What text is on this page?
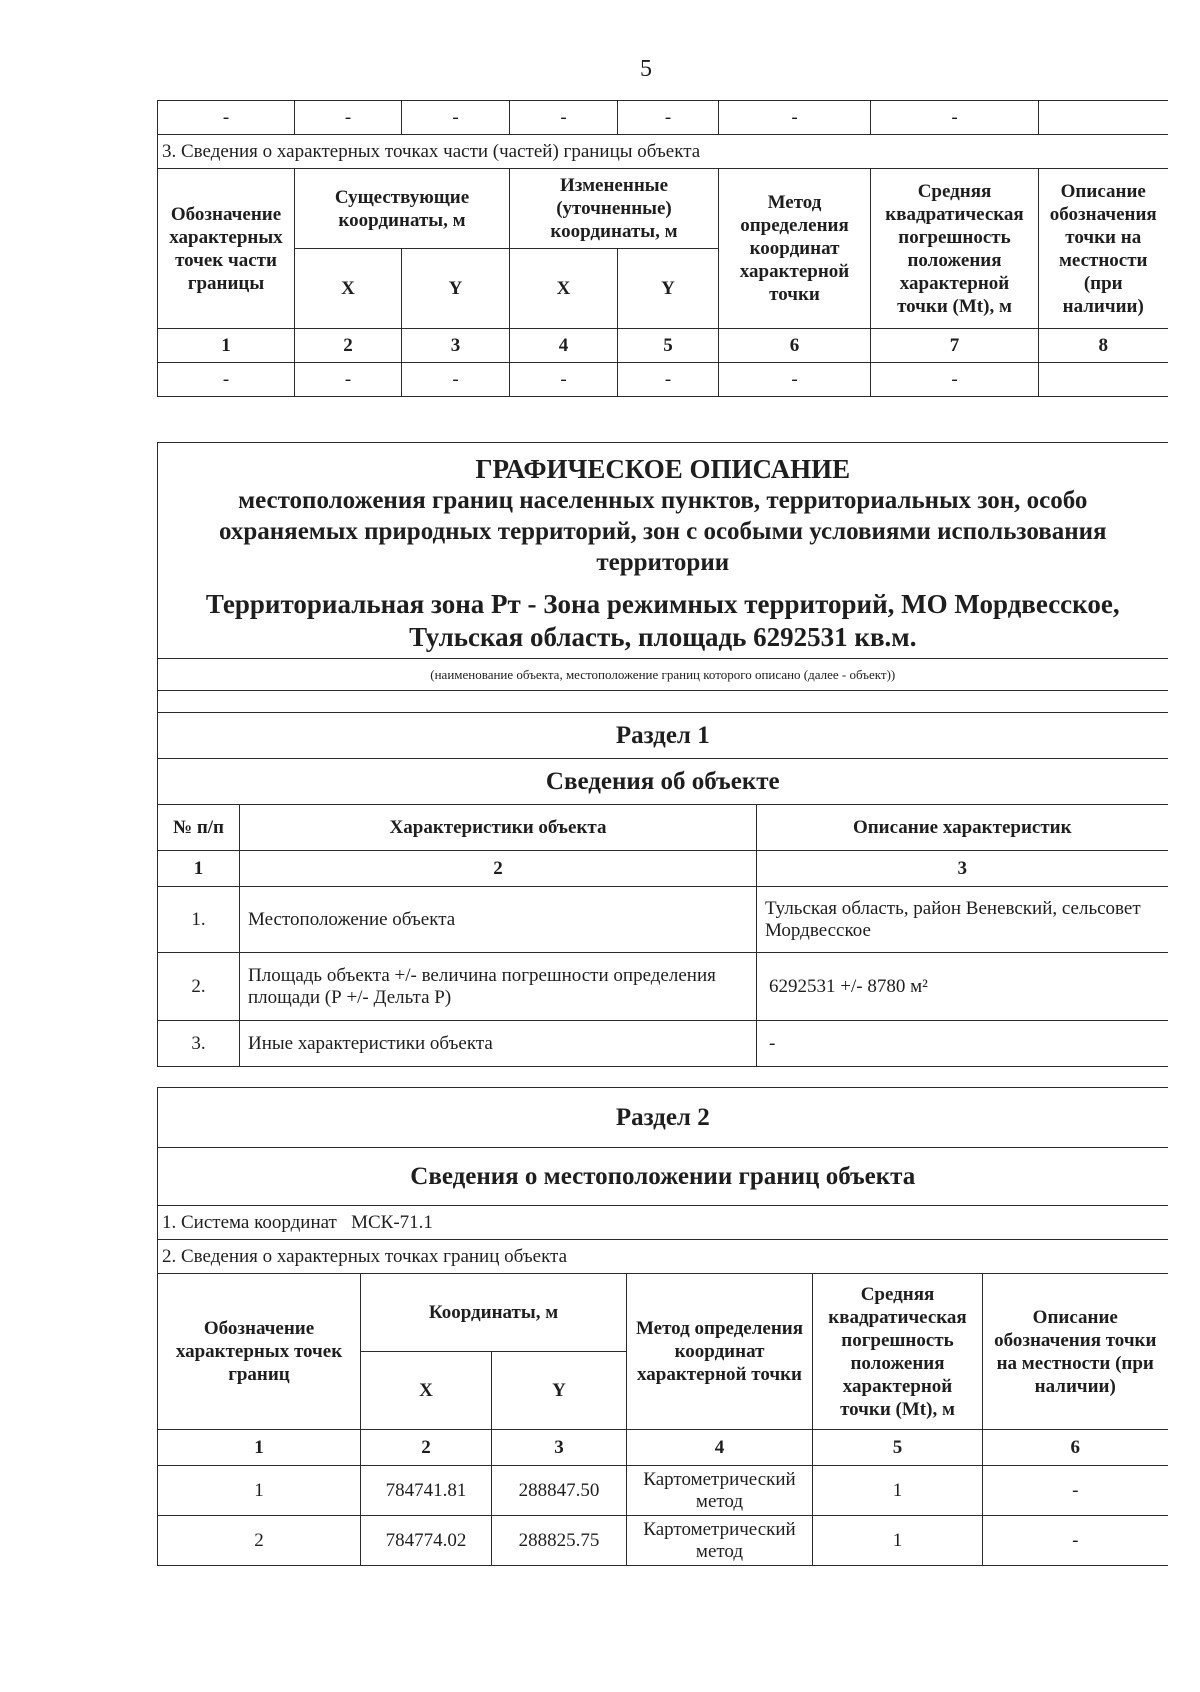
5
-	-	-	-	-	-	-	
3. Сведения о характерных точках части (частей) границы объекта							
Обозначение характерных точек части границы	Существующие координаты, м		Измененные (уточненные) координаты, м		Метод определения координат характерной точки	Средняя квадратическая погрешность положения характерной точки (Mt), м	Описание обозначения точки на местности (при наличии)
	X	Y	X	Y			
1	2	3	4	5	6	7	8
-	-	-	-	-	-	-	
ГРАФИЧЕСКОЕ ОПИСАНИЕ
местоположения границ населенных пунктов, территориальных зон, особо охраняемых природных территорий, зон с особыми условиями использования территории
Территориальная зона Рт - Зона режимных территорий, МО Мордвесское, Тульская область, площадь 6292531 кв.м.		

(наименование объекта, местоположение границ которого описано (далее - объект))		

Раздел 1		
Сведения об объекте		
№ п/п	Характеристики объекта	Описание характеристик
1	2	3
1.	Местоположение объекта	Тульская область, район Веневский, сельсовет Мордвесское
2.	Площадь объекта +/- величина погрешности определения площади (Р +/- Дельта Р)	6292531 +/- 8780 м²
3.	Иные характеристики объекта	-
Раздел 2					
Сведения о местоположении границ объекта					
1. Система координат   МСК-71.1					
2. Сведения о характерных точках границ объекта					
Обозначение характерных точек границ	Координаты, м		Метод определения координат характерной точки	Средняя квадратическая погрешность положения характерной точки (Mt), м	Описание обозначения точки на местности (при наличии)
	X	Y			
1	2	3	4	5	6
1	784741.81	288847.50	Картометрический метод	1	-
2	784774.02	288825.75	Картометрический метод	1	-
